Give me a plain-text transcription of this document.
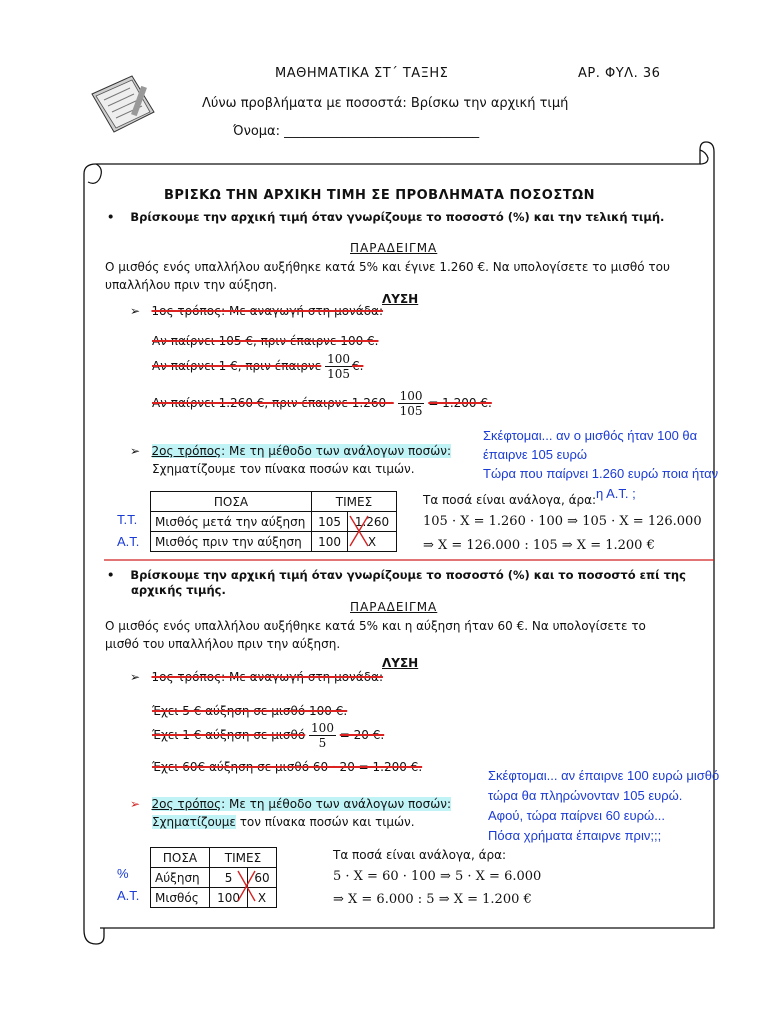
ΜΑΘΗΜΑΤΙΚΑ ΣΤ΄ ΤΑΞΗΣ	ΑΡ. ΦΥΛ. 36
Λύνω προβλήματα με ποσοστά: Βρίσκω την αρχική τιμή
Όνομα: ______________________________
ΒΡΙΣΚΩ ΤΗΝ ΑΡΧΙΚΗ ΤΙΜΗ ΣΕ ΠΡΟΒΛΗΜΑΤΑ ΠΟΣΟΣΤΩΝ
•    Βρίσκουμε την αρχική τιμή όταν γνωρίζουμε το ποσοστό (%) και την τελική τιμή.
ΠΑΡΑΔΕΙΓΜΑ
Ο μισθός ενός υπαλλήλου αυξήθηκε κατά 5% και έγινε 1.260 €. Να υπολογίσετε το μισθό του
υπαλλήλου πριν την αύξηση.
ΛΥΣΗ
➢   1ος τρόπος: Με αναγωγή στη μονάδα:
Αν παίρνει 105 €, πριν έπαιρνε 100 €.
Αν παίρνει 1 €, πριν έπαιρνε $\frac{100}{105}$ €.
Αν παίρνει 1.260 €, πριν έπαιρνε $1.260 \cdot \frac{100}{105} = 1.200$ €.
➢   2ος τρόπος: Με τη μέθοδο των ανάλογων ποσών:
Σχηματίζουμε τον πίνακα ποσών και τιμών.
Σκέφτομαι... αν ο μισθός ήταν 100 θα
έπαιρνε 105 ευρώ
Τώρα που παίρνει 1.260 ευρώ ποια ήταν
η Α.Τ. ;
Τ.Τ.
Α.Τ.
ΠΟΣΑ	ΤΙΜΕΣ	
Μισθός μετά την αύξηση	105	1.260
Μισθός πριν την αύξηση	100	Χ
Τα ποσά είναι ανάλογα, άρα:
105 · Χ = 1.260 · 100 ⇒ 105 · Χ = 126.000
⇒ Χ = 126.000 : 105 ⇒ Χ = 1.200 €
•    Βρίσκουμε την αρχική τιμή όταν γνωρίζουμε το ποσοστό (%) και το ποσοστό επί της
αρχικής τιμής.
ΠΑΡΑΔΕΙΓΜΑ
Ο μισθός ενός υπαλλήλου αυξήθηκε κατά 5% και η αύξηση ήταν 60 €. Να υπολογίσετε το
μισθό του υπαλλήλου πριν την αύξηση.
ΛΥΣΗ
➢   1ος τρόπος: Με αναγωγή στη μονάδα:
Έχει 5 € αύξηση σε μισθό 100 €.
Έχει 1 € αύξηση σε μισθό $\frac{100}{5} = 20$ €.
Έχει 60€ αύξηση σε μισθό 60 · 20 = 1.200 €.
Σκέφτομαι... αν έπαιρνε 100 ευρώ μισθό
τώρα θα πληρώνονταν 105 ευρώ.
Αφού, τώρα παίρνει 60 ευρώ...
Πόσα χρήματα έπαιρνε πριν;;;
➢ 2ος τρόπος: Με τη μέθοδο των ανάλογων ποσών:
Σχηματίζουμε τον πίνακα ποσών και τιμών.
%
Α.Τ.
ΠΟΣΑ	ΤΙΜΕΣ	
Αύξηση	5	60
Μισθός	100	Χ
Τα ποσά είναι ανάλογα, άρα:
5 · Χ = 60 · 100 ⇒ 5 · Χ = 6.000
⇒ Χ = 6.000 : 5 ⇒ Χ = 1.200 €
